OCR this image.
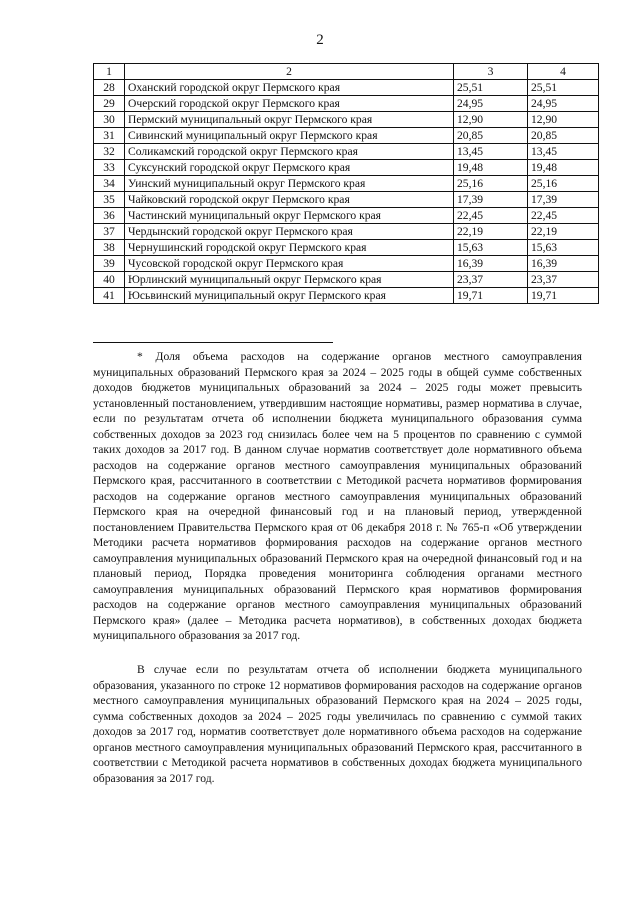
2
1	2	3	4
28	Оханский городской округ Пермского края	25,51	25,51
29	Очерский городской округ Пермского края	24,95	24,95
30	Пермский муниципальный округ Пермского края	12,90	12,90
31	Сивинский муниципальный округ Пермского края	20,85	20,85
32	Соликамский городской округ Пермского края	13,45	13,45
33	Суксунский городской округ Пермского края	19,48	19,48
34	Уинский муниципальный округ Пермского края	25,16	25,16
35	Чайковский городской округ Пермского края	17,39	17,39
36	Частинский муниципальный округ Пермского края	22,45	22,45
37	Чердынский городской округ Пермского края	22,19	22,19
38	Чернушинский городской округ Пермского края	15,63	15,63
39	Чусовской городской округ Пермского края	16,39	16,39
40	Юрлинский муниципальный округ Пермского края	23,37	23,37
41	Юсьвинский муниципальный округ Пермского края	19,71	19,71

* Доля объема расходов на содержание органов местного самоуправления муниципальных образований Пермского края за 2024 – 2025 годы в общей сумме собственных доходов бюджетов муниципальных образований за 2024 – 2025 годы может превысить установленный постановлением, утвердившим настоящие нормативы, размер норматива в случае, если по результатам отчета об исполнении бюджета муниципального образования сумма собственных доходов за 2023 год снизилась более чем на 5 процентов по сравнению с суммой таких доходов за 2017 год. В данном случае норматив соответствует доле нормативного объема расходов на содержание органов местного самоуправления муниципальных образований Пермского края, рассчитанного в соответствии с Методикой расчета нормативов формирования расходов на содержание органов местного самоуправления муниципальных образований Пермского края на очередной финансовый год и на плановый период, утвержденной постановлением Правительства Пермского края от 06 декабря 2018 г. № 765-п «Об утверждении Методики расчета нормативов формирования расходов на содержание органов местного самоуправления муниципальных образований Пермского края на очередной финансовый год и на плановый период, Порядка проведения мониторинга соблюдения органами местного самоуправления муниципальных образований Пермского края нормативов формирования расходов на содержание органов местного самоуправления муниципальных образований Пермского края» (далее – Методика расчета нормативов), в собственных доходах бюджета муниципального образования за 2017 год.

В случае если по результатам отчета об исполнении бюджета муниципального образования, указанного по строке 12 нормативов формирования расходов на содержание органов местного самоуправления муниципальных образований Пермского края на 2024 – 2025 годы, сумма собственных доходов за 2024 – 2025 годы увеличилась по сравнению с суммой таких доходов за 2017 год, норматив соответствует доле нормативного объема расходов на содержание органов местного самоуправления муниципальных образований Пермского края, рассчитанного в соответствии с Методикой расчета нормативов в собственных доходах бюджета муниципального образования за 2017 год.
